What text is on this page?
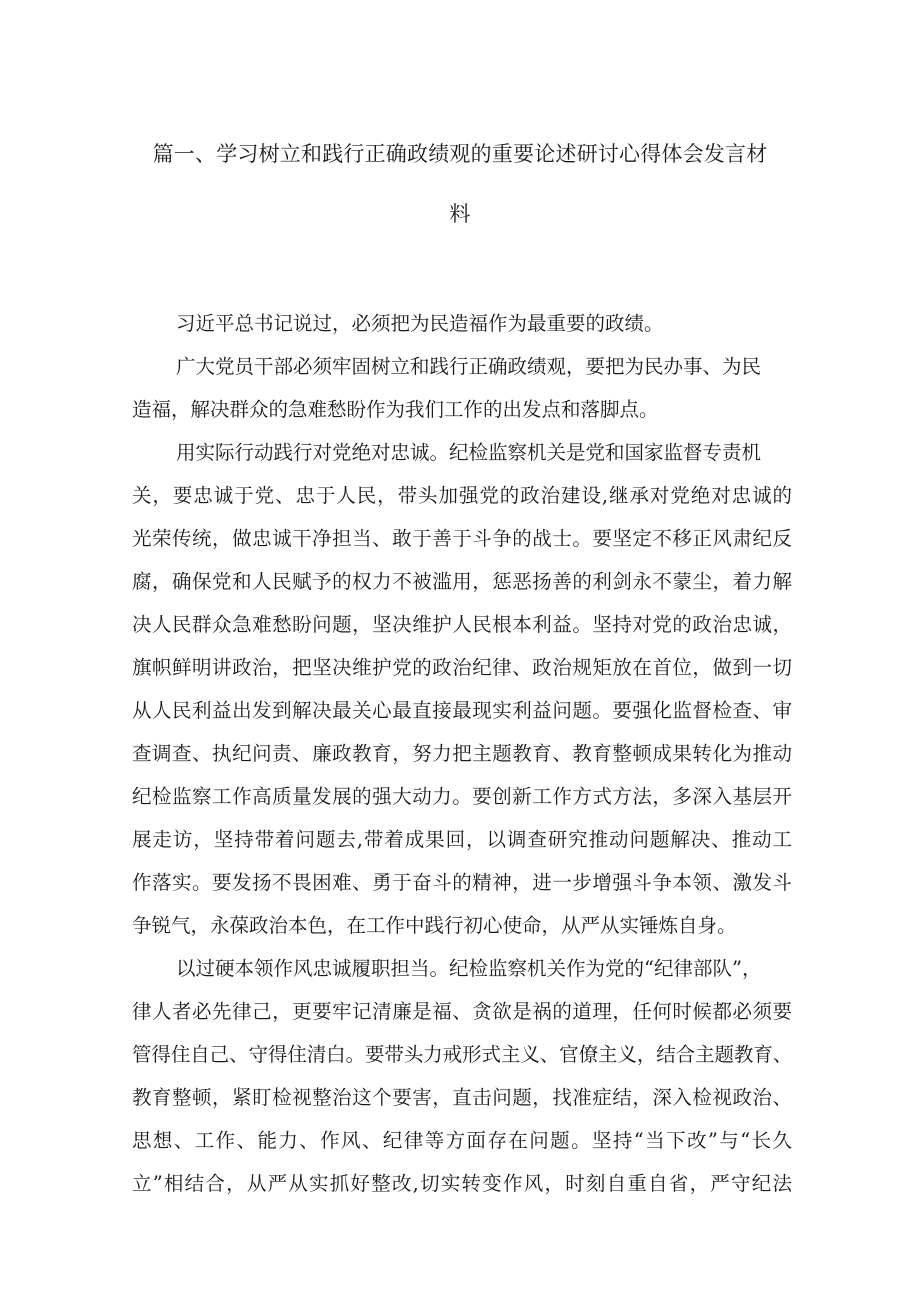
篇一、学习树立和践行正确政绩观的重要论述研讨心得体会发言材
料
习近平总书记说过，必须把为民造福作为最重要的政绩。
广大党员干部必须牢固树立和践行正确政绩观，要把为民办事、为民
造福，解决群众的急难愁盼作为我们工作的出发点和落脚点。
用实际行动践行对党绝对忠诚。纪检监察机关是党和国家监督专责机
关，要忠诚于党、忠于人民，带头加强党的政治建设,继承对党绝对忠诚的
光荣传统，做忠诚干净担当、敢于善于斗争的战士。要坚定不移正风肃纪反
腐，确保党和人民赋予的权力不被滥用，惩恶扬善的利剑永不蒙尘，着力解
决人民群众急难愁盼问题，坚决维护人民根本利益。坚持对党的政治忠诚，
旗帜鲜明讲政治，把坚决维护党的政治纪律、政治规矩放在首位，做到一切
从人民利益出发到解决最关心最直接最现实利益问题。要强化监督检查、审
查调查、执纪问责、廉政教育，努力把主题教育、教育整顿成果转化为推动
纪检监察工作高质量发展的强大动力。要创新工作方式方法，多深入基层开
展走访，坚持带着问题去,带着成果回，以调查研究推动问题解决、推动工
作落实。要发扬不畏困难、勇于奋斗的精神，进一步增强斗争本领、激发斗
争锐气，永葆政治本色，在工作中践行初心使命，从严从实锤炼自身。
以过硬本领作风忠诚履职担当。纪检监察机关作为党的“纪律部队”，
律人者必先律己，更要牢记清廉是福、贪欲是祸的道理，任何时候都必须要
管得住自己、守得住清白。要带头力戒形式主义、官僚主义，结合主题教育、
教育整顿，紧盯检视整治这个要害，直击问题，找准症结，深入检视政治、
思想、工作、能力、作风、纪律等方面存在问题。坚持“当下改”与“长久
立”相结合，从严从实抓好整改,切实转变作风，时刻自重自省，严守纪法
